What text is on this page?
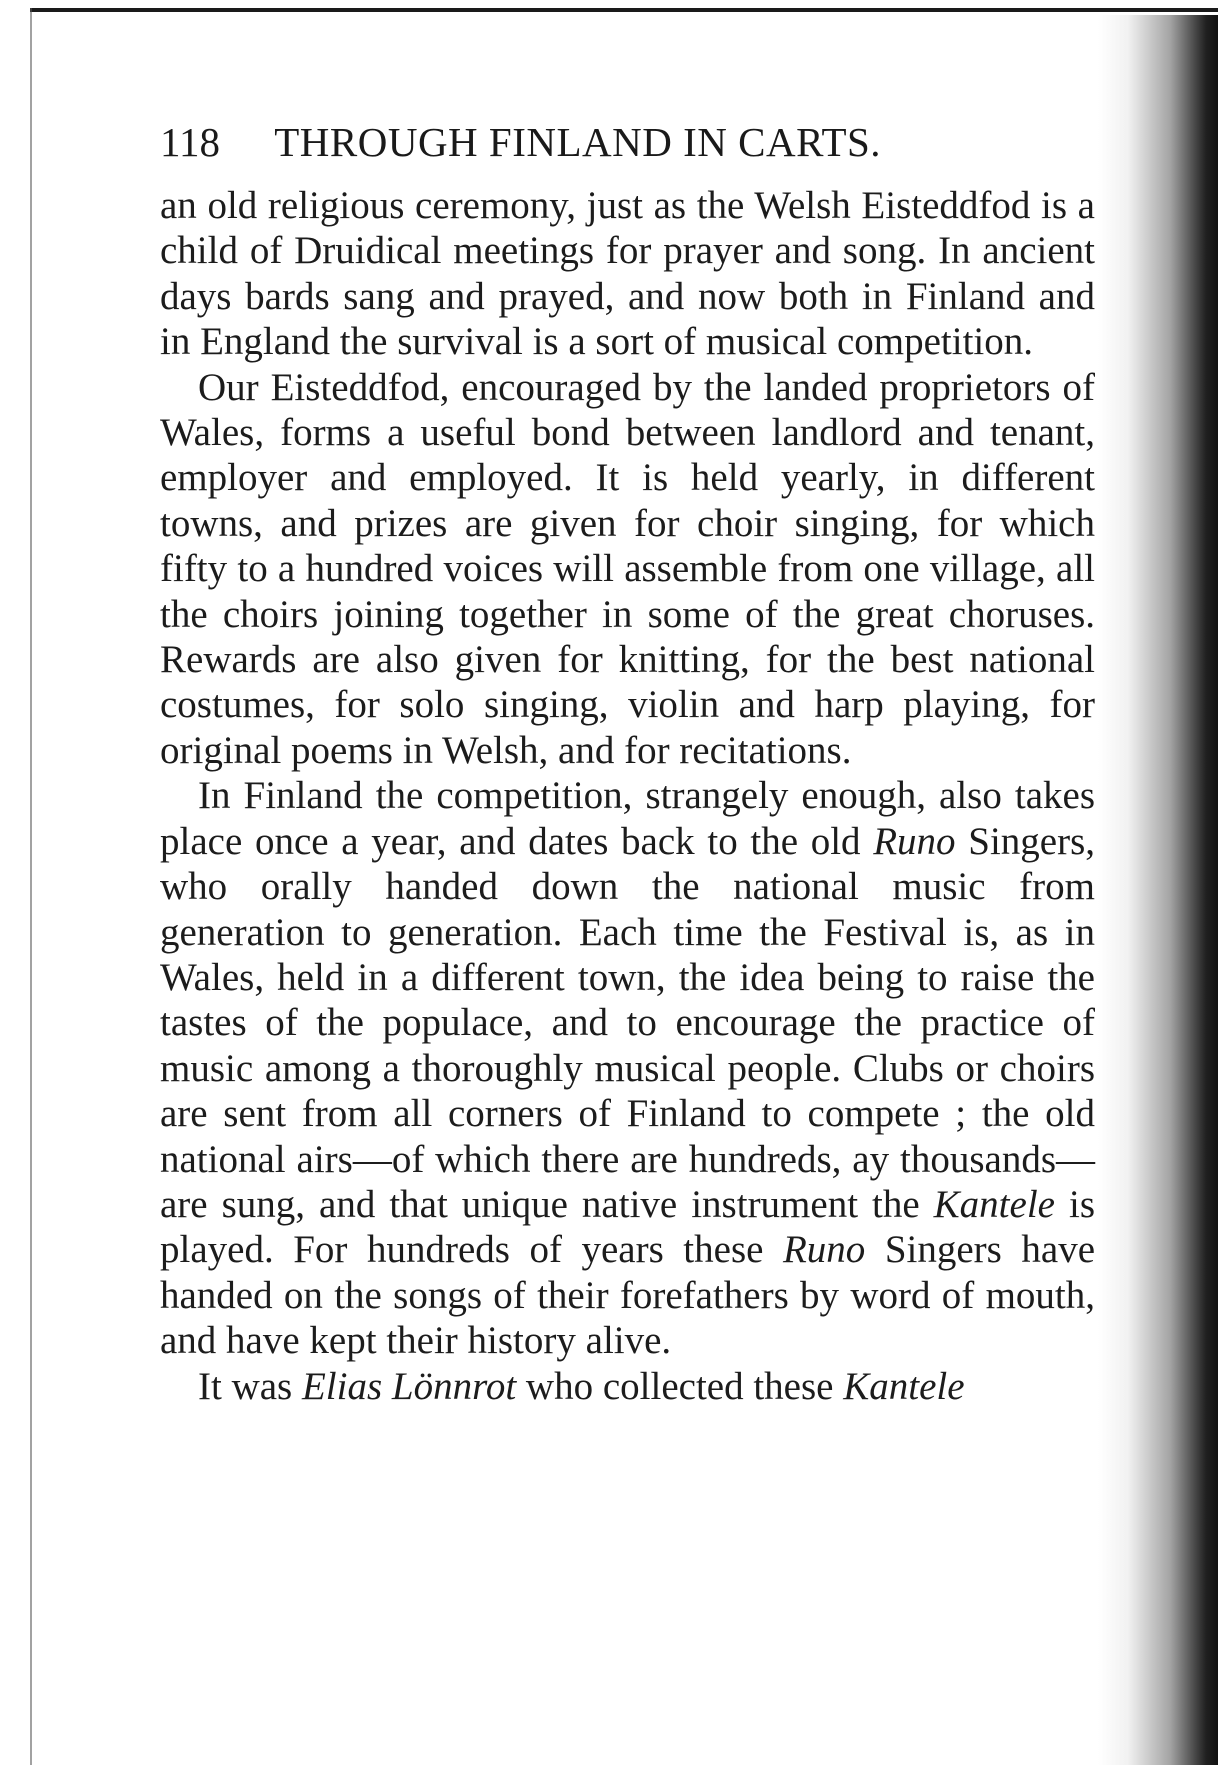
118 THROUGH FINLAND IN CARTS.

an old religious ceremony, just as the Welsh Eisteddfod is a child of Druidical meetings for prayer and song. In ancient days bards sang and prayed, and now both in Finland and in England the survival is a sort of musical competition.

Our Eisteddfod, encouraged by the landed proprietors of Wales, forms a useful bond between landlord and tenant, employer and employed. It is held yearly, in different towns, and prizes are given for choir singing, for which fifty to a hundred voices will assemble from one village, all the choirs joining together in some of the great choruses. Rewards are also given for knitting, for the best national costumes, for solo singing, violin and harp playing, for original poems in Welsh, and for recitations.

In Finland the competition, strangely enough, also takes place once a year, and dates back to the old Runo Singers, who orally handed down the national music from generation to generation. Each time the Festival is, as in Wales, held in a different town, the idea being to raise the tastes of the populace, and to encourage the practice of music among a thoroughly musical people. Clubs or choirs are sent from all corners of Finland to compete ; the old national airs—of which there are hundreds, ay thousands—are sung, and that unique native instrument the Kantele is played. For hundreds of years these Runo Singers have handed on the songs of their forefathers by word of mouth, and have kept their history alive.

It was Elias Lönnrot who collected these Kantele
